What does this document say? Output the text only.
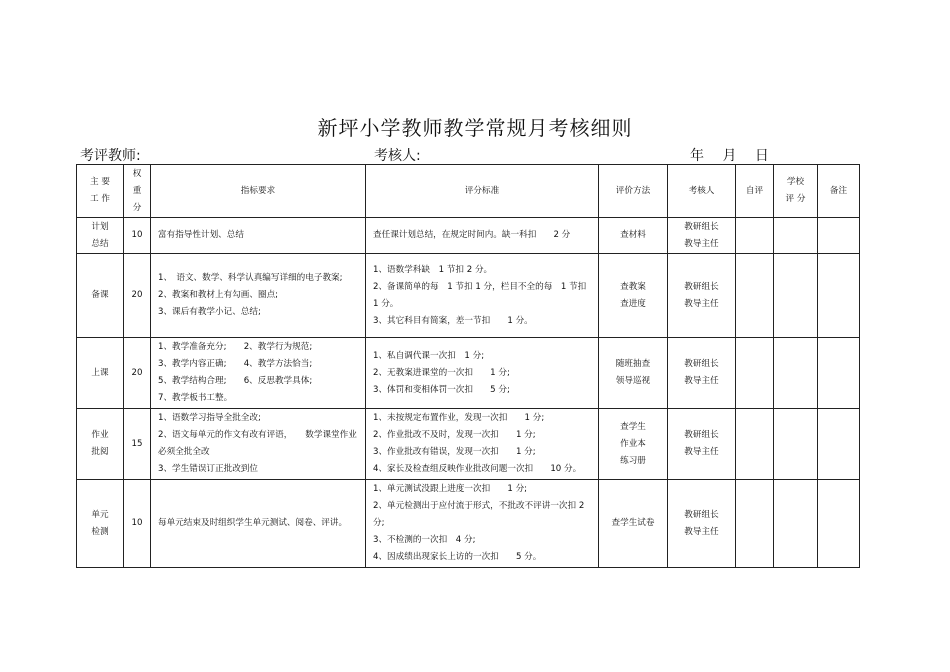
新坪小学教师教学常规月考核细则
考评教师:	考核人:	年 月 日
主 要
工 作	权
重
分	指标要求	评分标准	评价方法	考核人	自评	学校
评 分	备注

计划
总结	10	富有指导性计划、总结	查任课计划总结，在规定时间内。缺一科扣　　2 分	查材料	教研组长
教导主任			

备课	20	1、　语文、数学、科学认真编写详细的电子教案;
2、教案和教材上有勾画、圈点;
3、课后有教学小记、总结;	1、语数学科缺　1 节扣 2 分。
2、备课简单的每　1 节扣 1 分，栏目不全的每　1 节扣 1 分。
3、其它科目有简案，差一节扣　　1 分。	查教案
查进度	教研组长
教导主任			

上课	20	1、教学准备充分;　　2、教学行为规范;
3、教学内容正确;　　4、教学方法恰当;
5、教学结构合理;　　6、反思教学具体;
7、教学板书工整。	1、私自调代课一次扣　1 分;
2、无教案进课堂的一次扣　　1 分;
3、体罚和变相体罚一次扣　　5 分;	随班抽查
领导巡视	教研组长
教导主任			

作业
批阅	15	1、语数学习指导全批全改;
2、语文每单元的作文有改有评语，　　数学课堂作业必须全批全改
3、学生错误订正批改到位	1、未按规定布置作业，发现一次扣　　1 分;
2、作业批改不及时，发现一次扣　　1 分;
3、作业批改有错误，发现一次扣　　1 分;
4、家长及检查组反映作业批改问题一次扣　　10 分。	查学生
作业本
练习册	教研组长
教导主任			

单元
检测	10	每单元结束及时组织学生单元测试、阅卷、评讲。	1、单元测试没跟上进度一次扣　　1 分;
2、单元检测出于应付流于形式，不批改不评讲一次扣 2 分;
3、不检测的一次扣　4 分;
4、因成绩出现家长上访的一次扣　　5 分。	查学生试卷	教研组长
教导主任			
